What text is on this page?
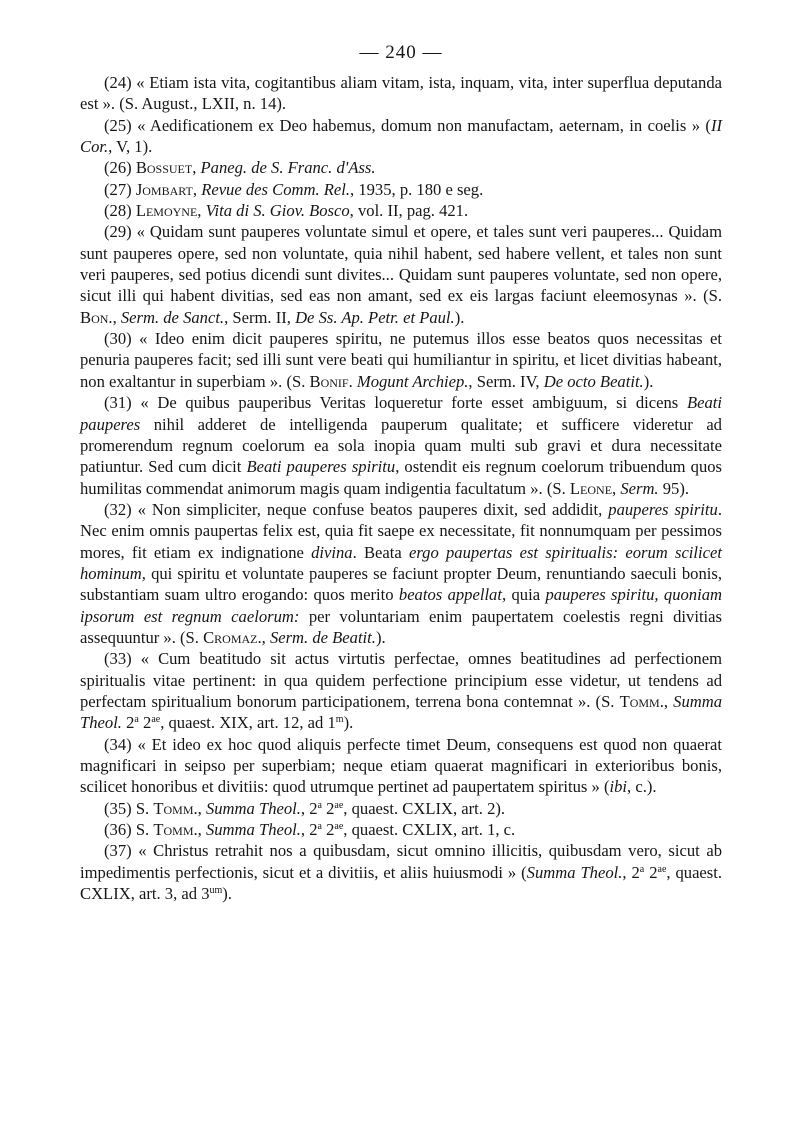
— 240 —

(24) « Etiam ista vita, cogitantibus aliam vitam, ista, inquam, vita, inter superflua deputanda est ». (S. August., LXII, n. 14).

(25) « Aedificationem ex Deo habemus, domum non manufactam, aeternam, in coelis » (II Cor., V, 1).

(26) Bossuet, Paneg. de S. Franc. d'Ass.

(27) Jombart, Revue des Comm. Rel., 1935, p. 180 e seg.

(28) Lemoyne, Vita di S. Giov. Bosco, vol. II, pag. 421.

(29) « Quidam sunt pauperes voluntate simul et opere, et tales sunt veri pauperes... Quidam sunt pauperes opere, sed non voluntate, quia nihil habent, sed habere vellent, et tales non sunt veri pauperes, sed potius dicendi sunt divites... Quidam sunt pauperes voluntate, sed non opere, sicut illi qui habent divitias, sed eas non amant, sed ex eis largas faciunt eleemosynas ». (S. Bon., Serm. de Sanct., Serm. II, De Ss. Ap. Petr. et Paul.).

(30) « Ideo enim dicit pauperes spiritu, ne putemus illos esse beatos quos necessitas et penuria pauperes facit; sed illi sunt vere beati qui humiliantur in spiritu, et licet divitias habeant, non exaltantur in superbiam ». (S. Bonif. Mogunt Archiep., Serm. IV, De octo Beatit.).

(31) « De quibus pauperibus Veritas loqueretur forte esset ambiguum, si dicens Beati pauperes nihil adderet de intelligenda pauperum qualitate; et sufficere videretur ad promerendum regnum coelorum ea sola inopia quam multi sub gravi et dura necessitate patiuntur. Sed cum dicit Beati pauperes spiritu, ostendit eis regnum coelorum tribuendum quos humilitas commendat animorum magis quam indigentia facultatum ». (S. Leone, Serm. 95).

(32) « Non simpliciter, neque confuse beatos pauperes dixit, sed addidit, pauperes spiritu. Nec enim omnis paupertas felix est, quia fit saepe ex necessitate, fit nonnumquam per pessimos mores, fit etiam ex indignatione divina. Beata ergo paupertas est spiritualis: eorum scilicet hominum, qui spiritu et voluntate pauperes se faciunt propter Deum, renuntiando saeculi bonis, substantiam suam ultro erogando: quos merito beatos appellat, quia pauperes spiritu, quoniam ipsorum est regnum caelorum: per voluntariam enim paupertatem coelestis regni divitias assequuntur ». (S. Cromaz., Serm. de Beatit.).

(33) « Cum beatitudo sit actus virtutis perfectae, omnes beatitudines ad perfectionem spiritualis vitae pertinent: in qua quidem perfectione principium esse videtur, ut tendens ad perfectam spiritualium bonorum participationem, terrena bona contemnat ». (S. Tomm., Summa Theol. 2$^a$ $2^{ae}$, quaest. XIX, art. 12, ad 1$^m$).

(34) « Et ideo ex hoc quod aliquis perfecte timet Deum, consequens est quod non quaerat magnificari in seipso per superbiam; neque etiam quaerat magnificari in exterioribus bonis, scilicet honoribus et divitiis: quod utrumque pertinet ad paupertatem spiritus » (ibi, c.).

(35) S. Tomm., Summa Theol., 2$^a$ $2^{ae}$, quaest. CXLIX, art. 2).

(36) S. Tomm., Summa Theol., 2$^a$ $2^{ae}$, quaest. CXLIX, art. 1, c.

(37) « Christus retrahit nos a quibusdam, sicut omnino illicitis, quibusdam vero, sicut ab impedimentis perfectionis, sicut et a divitiis, et aliis huiusmodi » (Summa Theol., 2$^a$ $2^{ae}$, quaest. CXLIX, art. 3, ad $3^{um}$).
